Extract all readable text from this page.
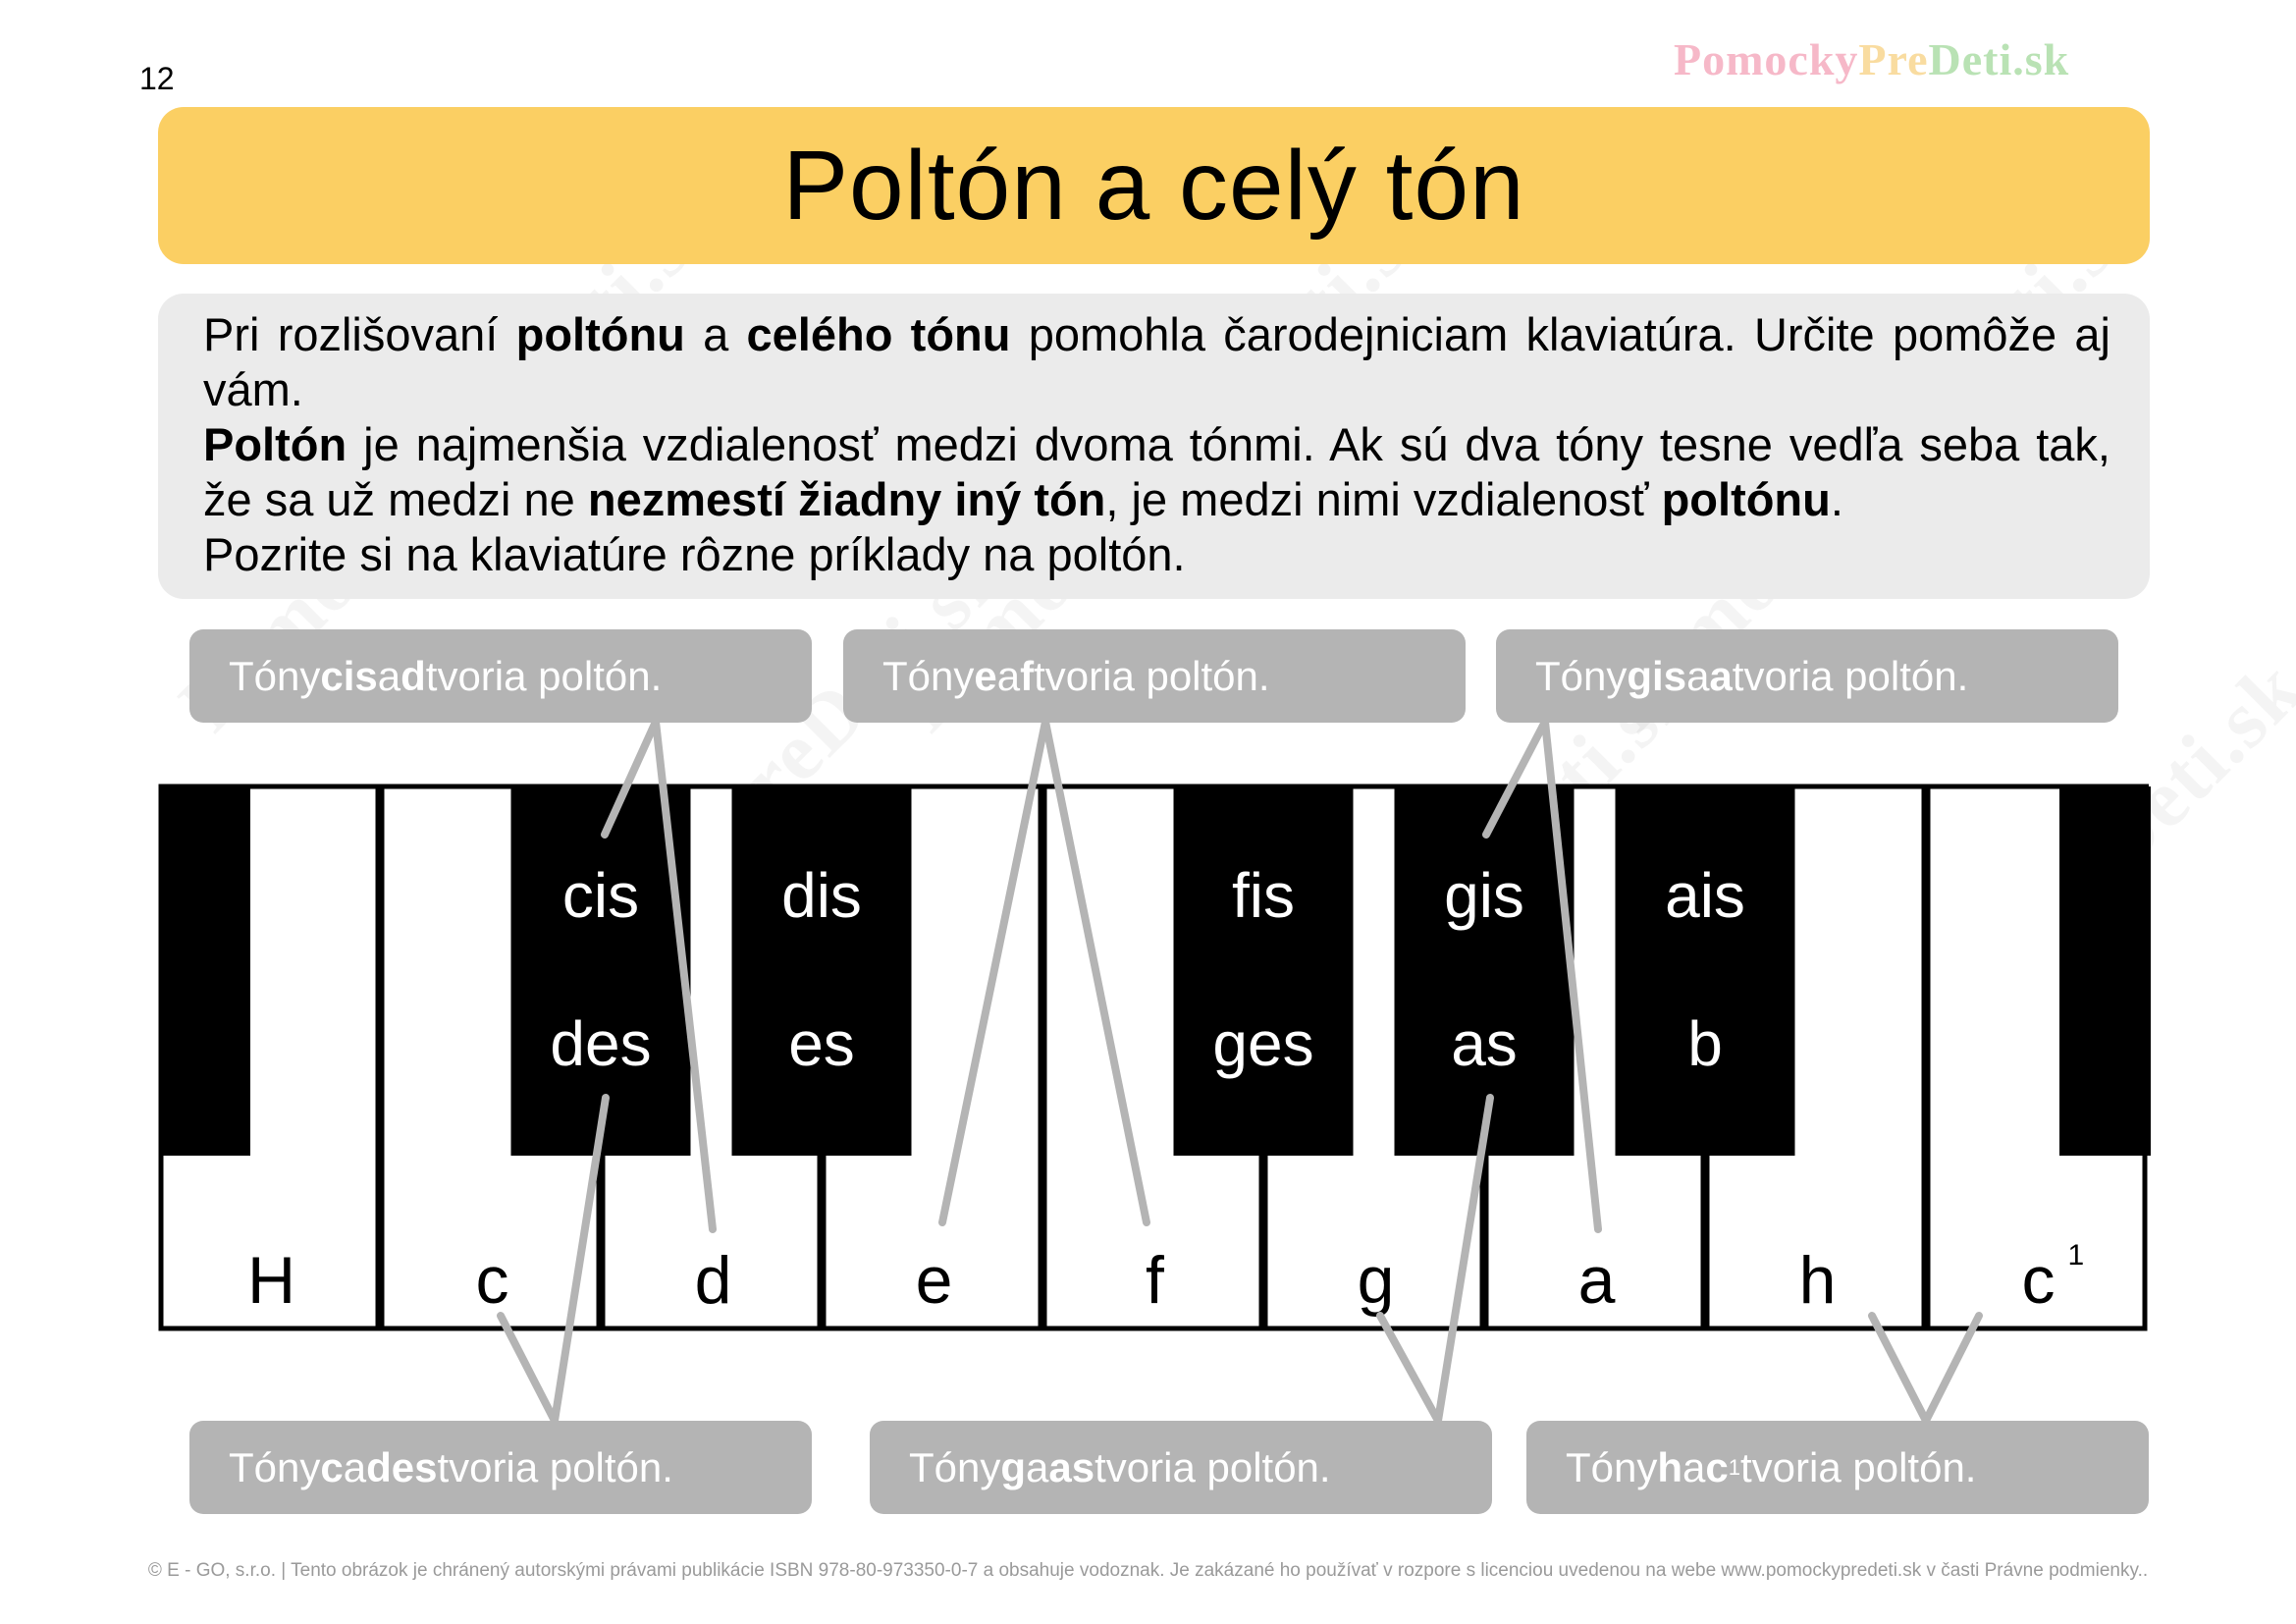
12	PomockyPreDeti.sk
Poltón a celý tón

Pri rozlišovaní poltónu a celého tónu pomohla čarodejniciam klaviatúra. Určite pomôže aj vám.

Poltón je najmenšia vzdialenosť medzi dvoma tónmi. Ak sú dva tóny tesne vedľa seba tak, že sa už medzi ne nezmestí žiadny iný tón, je medzi nimi vzdialenosť poltónu.

Pozrite si na klaviatúre rôzne príklady na poltón.

H	c	d	e	f	g	a	h	c 1
cis
des
dis
es
fis
ges
gis
as
ais
b
Tóny cis a d tvoria poltón.	Tóny e a f tvoria poltón.	Tóny gis a a tvoria poltón.
Tóny c a des tvoria poltón.	Tóny g a as tvoria poltón.	Tóny h a c 1 tvoria poltón.
© E - GO, s.r.o. | Tento obrázok je chránený autorskými právami publikácie ISBN 978-80-973350-0-7 a obsahuje vodoznak. Je zakázané ho používať v rozpore s licenciou uvedenou na webe www.pomockypredeti.sk v časti Právne podmienky..
